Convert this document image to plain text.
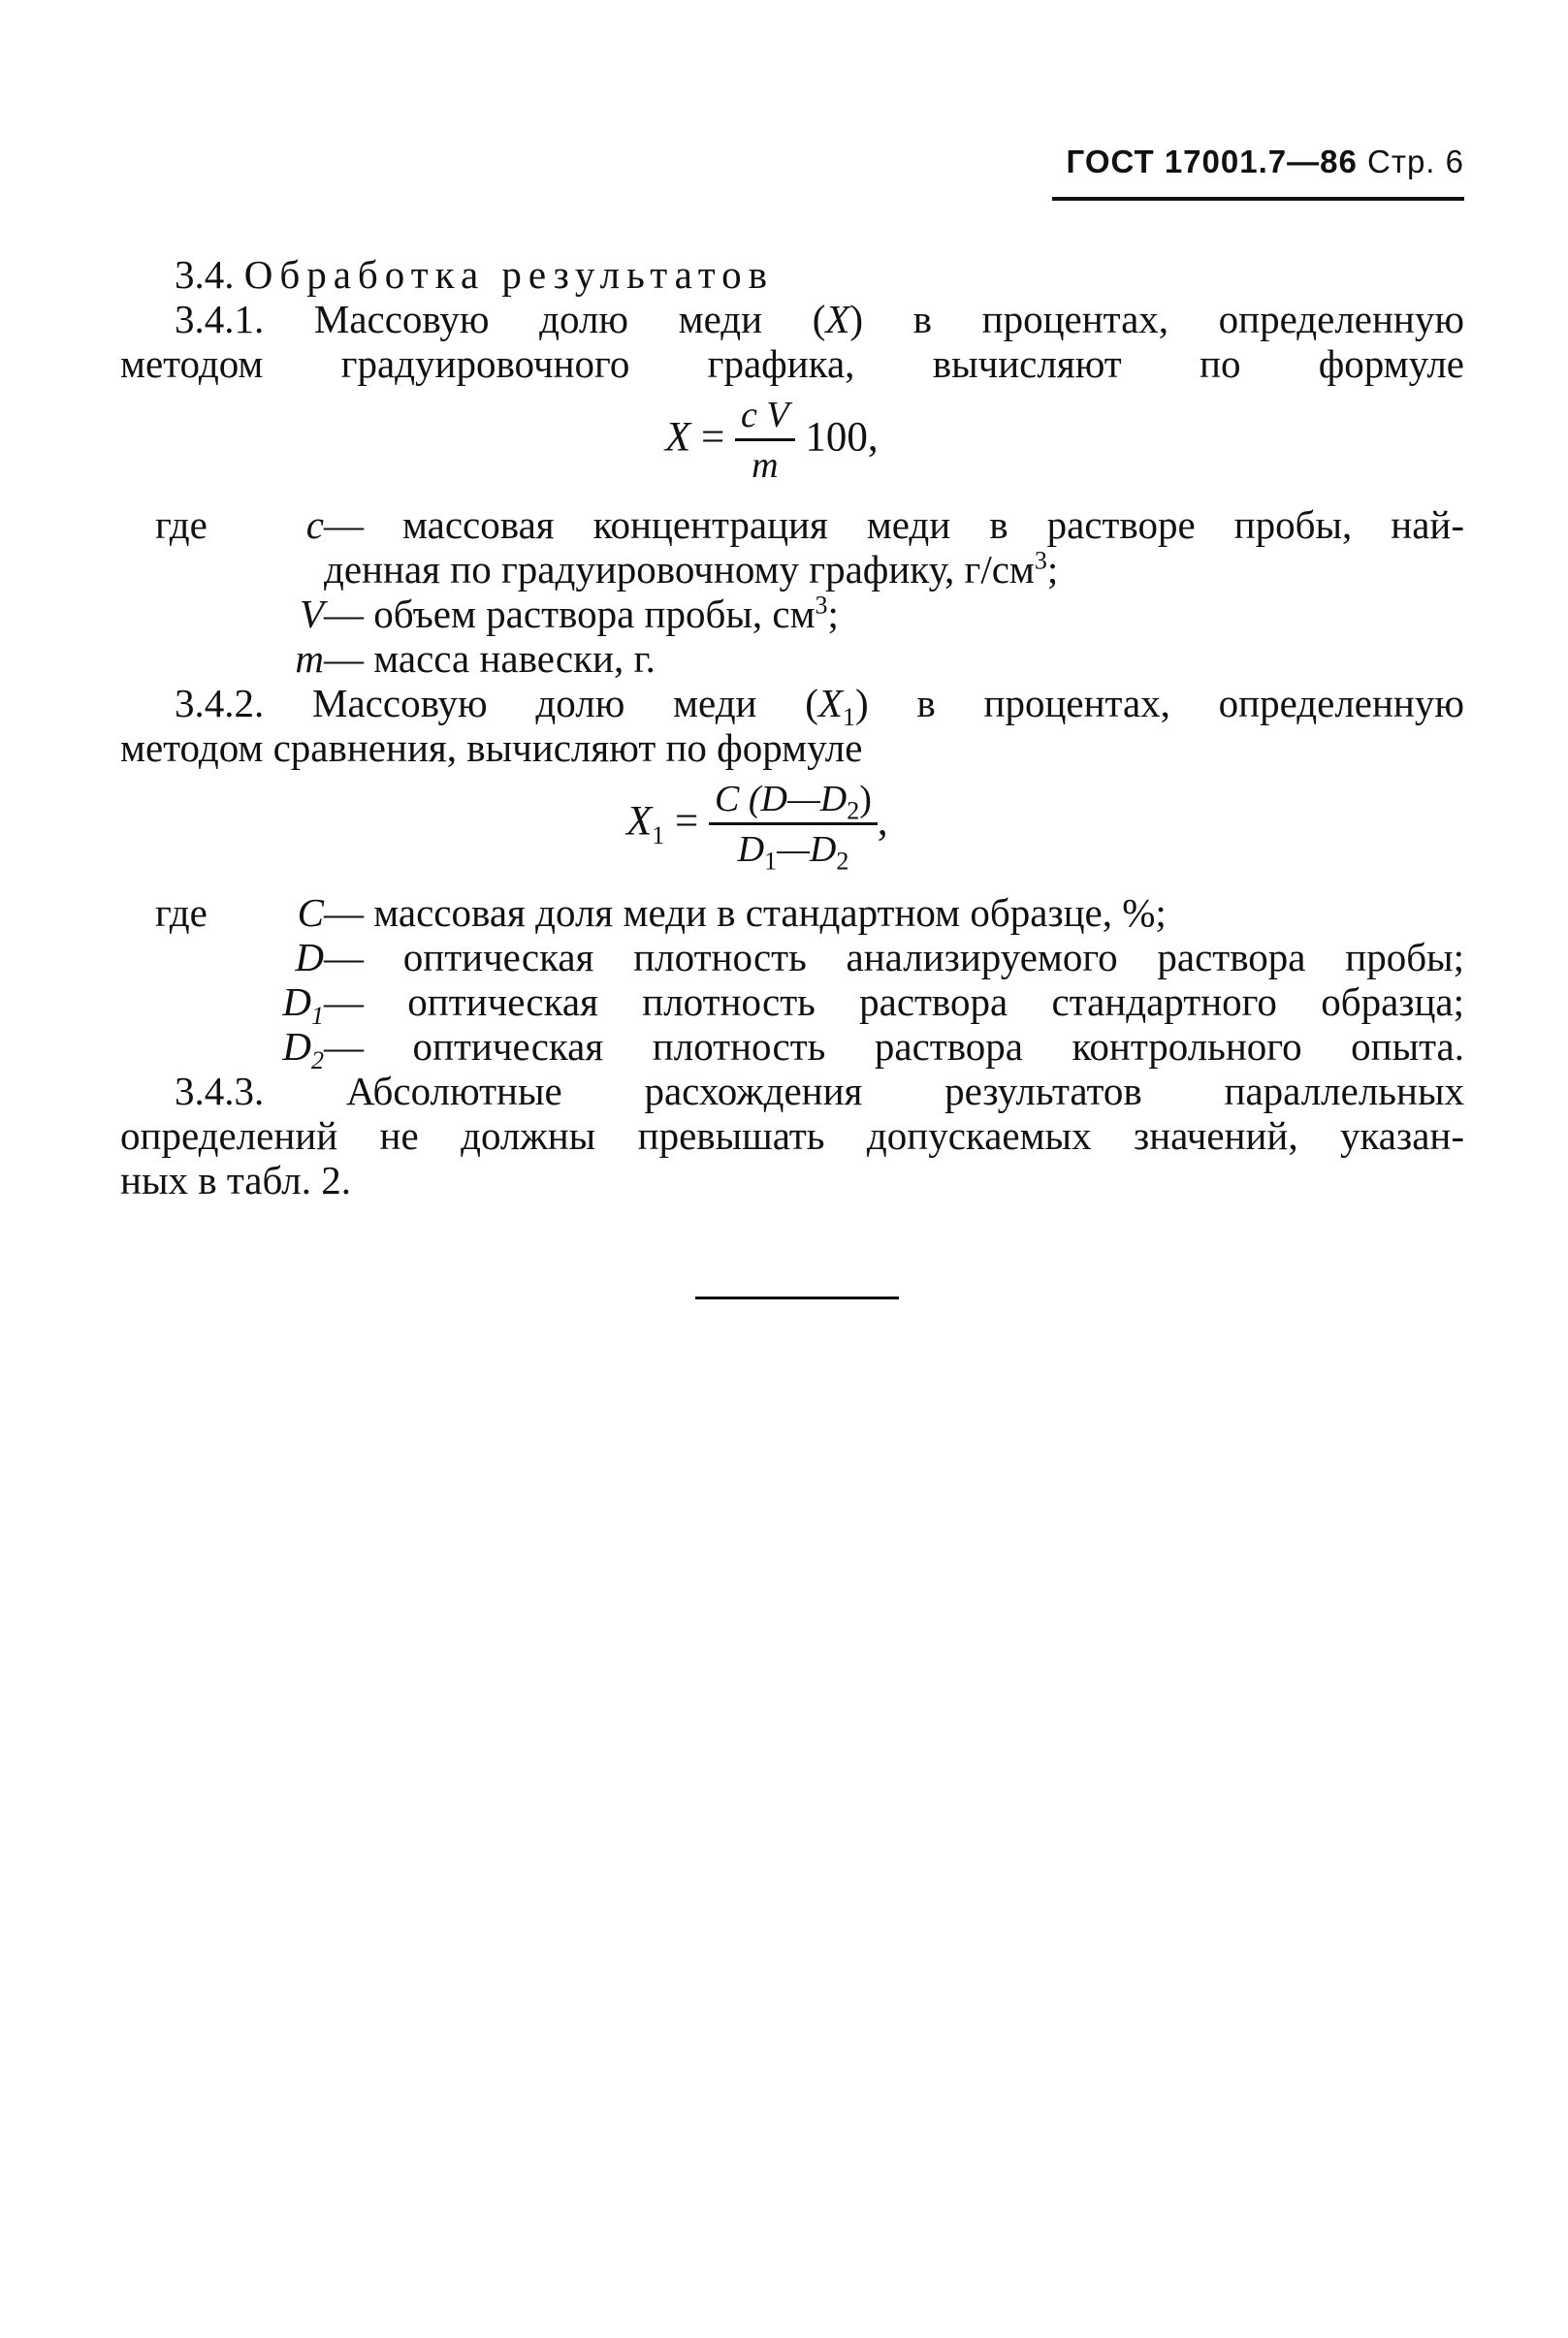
ГОСТ 17001.7—86 Стр. 6
3.4. Обработка результатов
3.4.1. Массовую долю меди (X) в процентах, определенную
методом градуировочного графика, вычисляют по формуле
$X = \frac{\text{c V}}{m} 100$,
где c — массовая концентрация меди в растворе пробы, най-
денная по градуировочному графику, $г/см^3$;
V — объем раствора пробы, $см^3$;
m — масса навески, г.
3.4.2. Массовую долю меди $(X_1)$ в процентах, определенную
методом сравнения, вычисляют по формуле
$X_1 = \frac{C (D—D_2)}{D_1—D_2}$ ,
где C — массовая доля меди в стандартном образце, %;
D — оптическая плотность анализируемого раствора пробы;
$D_1$ — оптическая плотность раствора стандартного образца;
$D_2$ — оптическая плотность раствора контрольного опыта.
3.4.3. Абсолютные расхождения результатов параллельных
определений не должны превышать допускаемых значений, указан-
ных в табл. 2.
